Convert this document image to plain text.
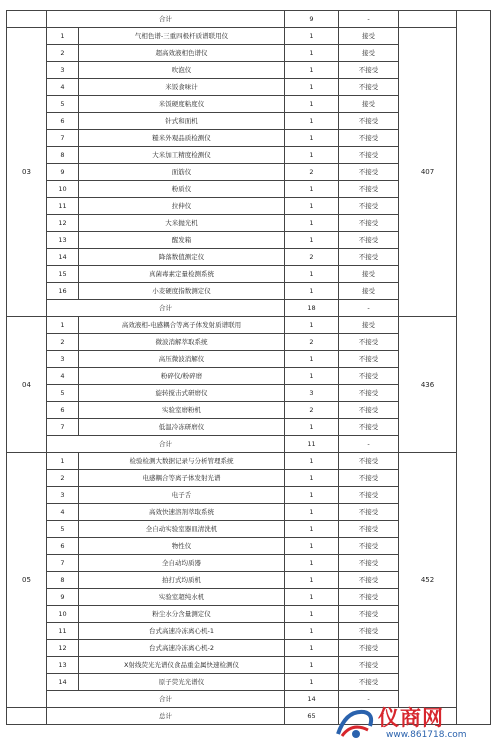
	合计		9	-		
03	1	气相色谱-三重四极杆质谱联用仪	1	接受	407	
	2	超高效液相色谱仪	1	接受		
	3	吹泡仪	1	不接受		
	4	米饭食味计	1	不接受		
	5	米饭硬度粘度仪	1	接受		
	6	针式和面机	1	不接受		
	7	糙米外观品质检测仪	1	不接受		
	8	大米加工精度检测仪	1	不接受		
	9	面筋仪	2	不接受		
	10	粉质仪	1	不接受		
	11	拉伸仪	1	不接受		
	12	大米抛光机	1	不接受		
	13	醒发箱	1	不接受		
	14	降落数值测定仪	2	不接受		
	15	真菌毒素定量检测系统	1	接受		
	16	小麦硬度指数测定仪	1	接受		
	合计		18	-		
04	1	高效液相-电感耦合等离子体发射质谱联用	1	接受	436	
	2	微波消解萃取系统	2	不接受		
	3	高压微波消解仪	1	不接受		
	4	粉碎仪/粉碎磨	1	不接受		
	5	旋转搅击式研磨仪	3	不接受		
	6	实验室磨粉机	2	不接受		
	7	低温冷冻研磨仪	1	不接受		
	合计		11	-		
05	1	检验检测大数据记录与分析管理系统	1	不接受	452	
	2	电感耦合等离子体发射光谱	1	不接受		
	3	电子舌	1	不接受		
	4	高效快速溶剂萃取系统	1	不接受		
	5	全自动实验室器皿清洗机	1	不接受		
	6	物性仪	1	不接受		
	7	全自动均质器	1	不接受		
	8	拍打式均质机	1	不接受		
	9	实验室超纯水机	1	不接受		
	10	粉尘水分含量测定仪	1	不接受		
	11	台式高速冷冻离心机-1	1	不接受		
	12	台式高速冷冻离心机-2	1	不接受		
	13	X射线荧光光谱仪食品重金属快速检测仪	1	不接受		
	14	原子荧光光谱仪	1	不接受		
	合计		14	-		
	总计		65				仪商网
www.861718.com
